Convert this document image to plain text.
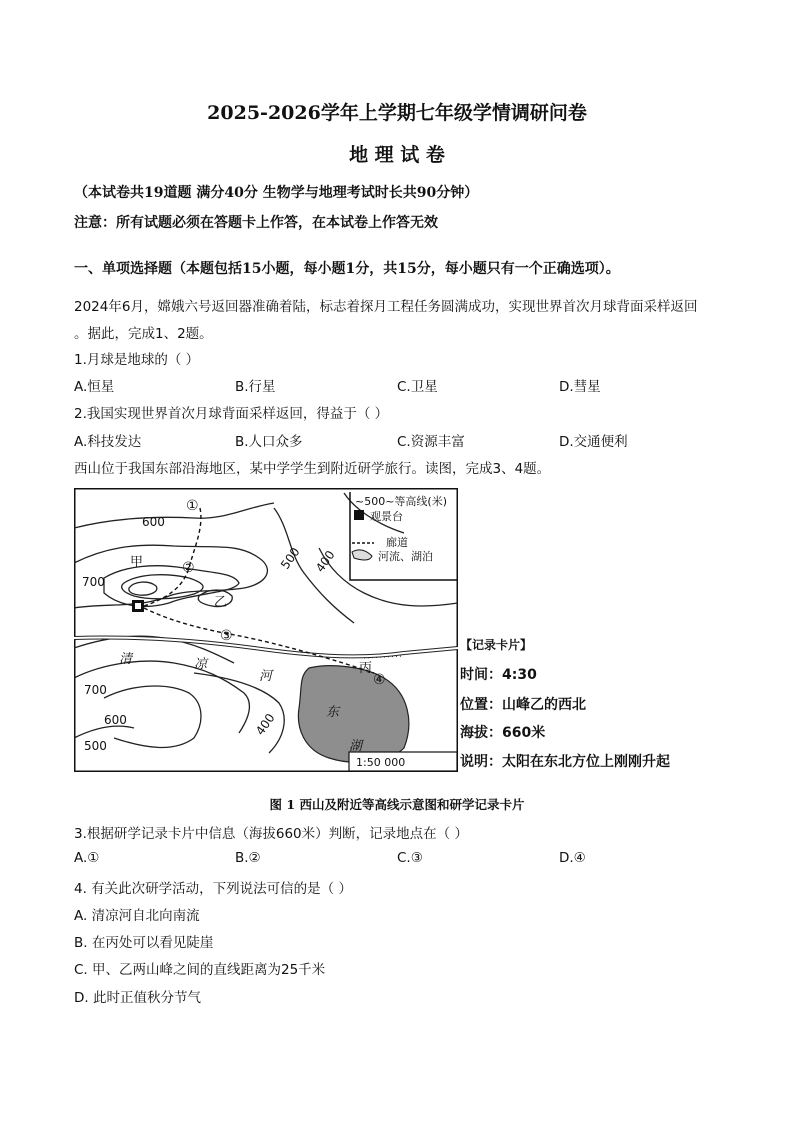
2025-2026学年上学期七年级学情调研问卷
地 理 试 卷
（本试卷共19道题 满分40分 生物学与地理考试时长共90分钟）
注意：所有试题必须在答题卡上作答，在本试卷上作答无效
一、单项选择题（本题包括15小题，每小题1分，共15分，每小题只有一个正确选项）。
2024年6月，嫦娥六号返回器准确着陆，标志着探月工程任务圆满成功，实现世界首次月球背面采样返回
。据此，完成1、2题。
1.月球是地球的（ ）
A.恒星	B.行星	C.卫星	D.彗星
2.我国实现世界首次月球背面采样返回，得益于（ ）
A.科技发达	B.人口众多	C.资源丰富	D.交通便利
西山位于我国东部沿海地区，某中学学生到附近研学旅行。读图，完成3、4题。
600
700
500 400
700
600
500
400
甲
乙
丙
①
②
③
④
清	凉
河
东
湖
~500~等高线(米)
观景台
廊道
河流、湖泊
1:50 000
【记录卡片】
时间：4:30
位置：山峰乙的西北
海拔：660米
说明：太阳在东北方位上刚刚升起
图 1 西山及附近等高线示意图和研学记录卡片
3.根据研学记录卡片中信息（海拔660米）判断，记录地点在（ ）
A.①	B.②	C.③	D.④
4. 有关此次研学活动，下列说法可信的是（ ）
A. 清凉河自北向南流
B. 在丙处可以看见陡崖
C. 甲、乙两山峰之间的直线距离为25千米
D. 此时正值秋分节气
